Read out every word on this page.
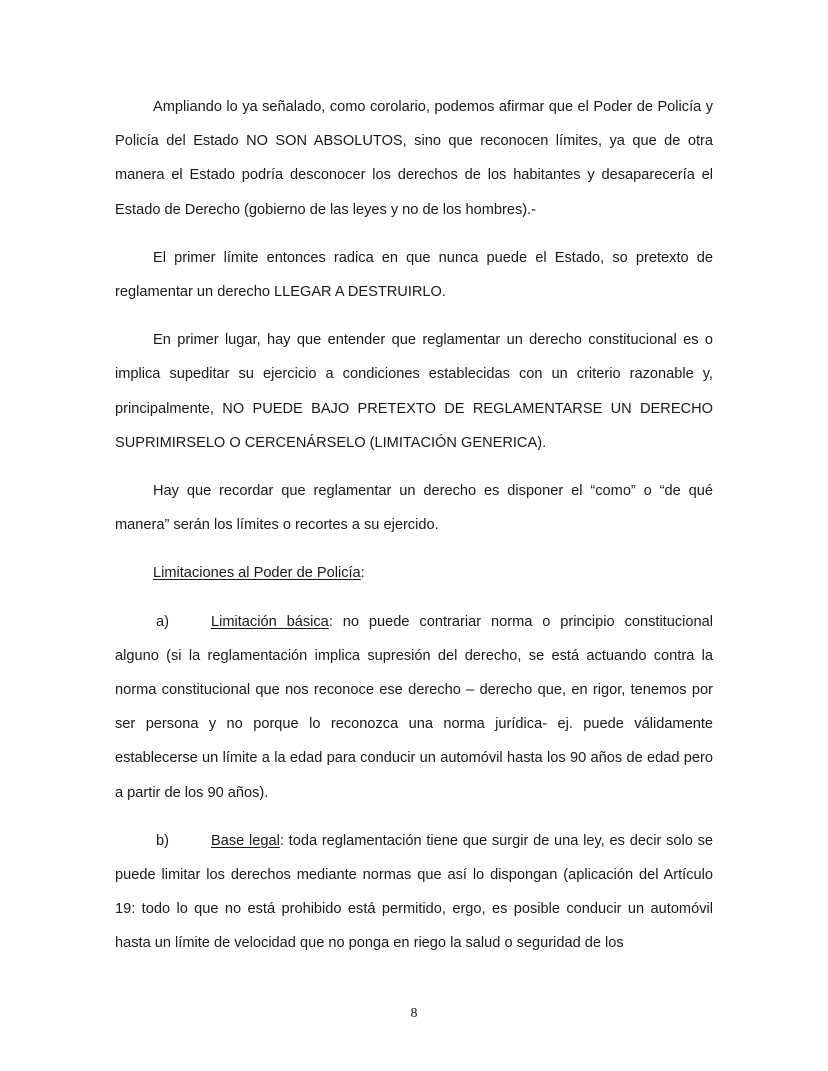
Ampliando lo ya señalado, como corolario, podemos afirmar que el Poder de Policía y Policía del Estado NO SON ABSOLUTOS, sino que reconocen límites, ya que de otra manera el Estado podría desconocer los derechos de los habitantes y desaparecería el Estado de Derecho (gobierno de las leyes y no de los hombres).-

El primer límite entonces radica en que nunca puede el Estado, so pretexto de reglamentar un derecho LLEGAR A DESTRUIRLO.

En primer lugar, hay que entender que reglamentar un derecho constitucional es o implica supeditar su ejercicio a condiciones establecidas con un criterio razonable y, principalmente, NO PUEDE BAJO PRETEXTO DE REGLAMENTARSE UN DERECHO SUPRIMIRSELO O CERCENÁRSELO (LIMITACIÓN GENERICA).

Hay que recordar que reglamentar un derecho es disponer el “como” o “de qué manera” serán los límites o recortes a su ejercido.

Limitaciones al Poder de Policía:

a)	Limitación básica: no puede contrariar norma o principio constitucional alguno (si la reglamentación implica supresión del derecho, se está actuando contra la norma constitucional que nos reconoce ese derecho – derecho que, en rigor, tenemos por ser persona y no porque lo reconozca una norma jurídica- ej. puede válidamente establecerse un límite a la edad para conducir un automóvil hasta los 90 años de edad pero a partir de los 90 años).

b)	Base legal: toda reglamentación tiene que surgir de una ley, es decir solo se puede limitar los derechos mediante normas que así lo dispongan (aplicación del Artículo 19: todo lo que no está prohibido está permitido, ergo, es posible conducir un automóvil hasta un límite de velocidad que no ponga en riego la salud o seguridad de los

8
